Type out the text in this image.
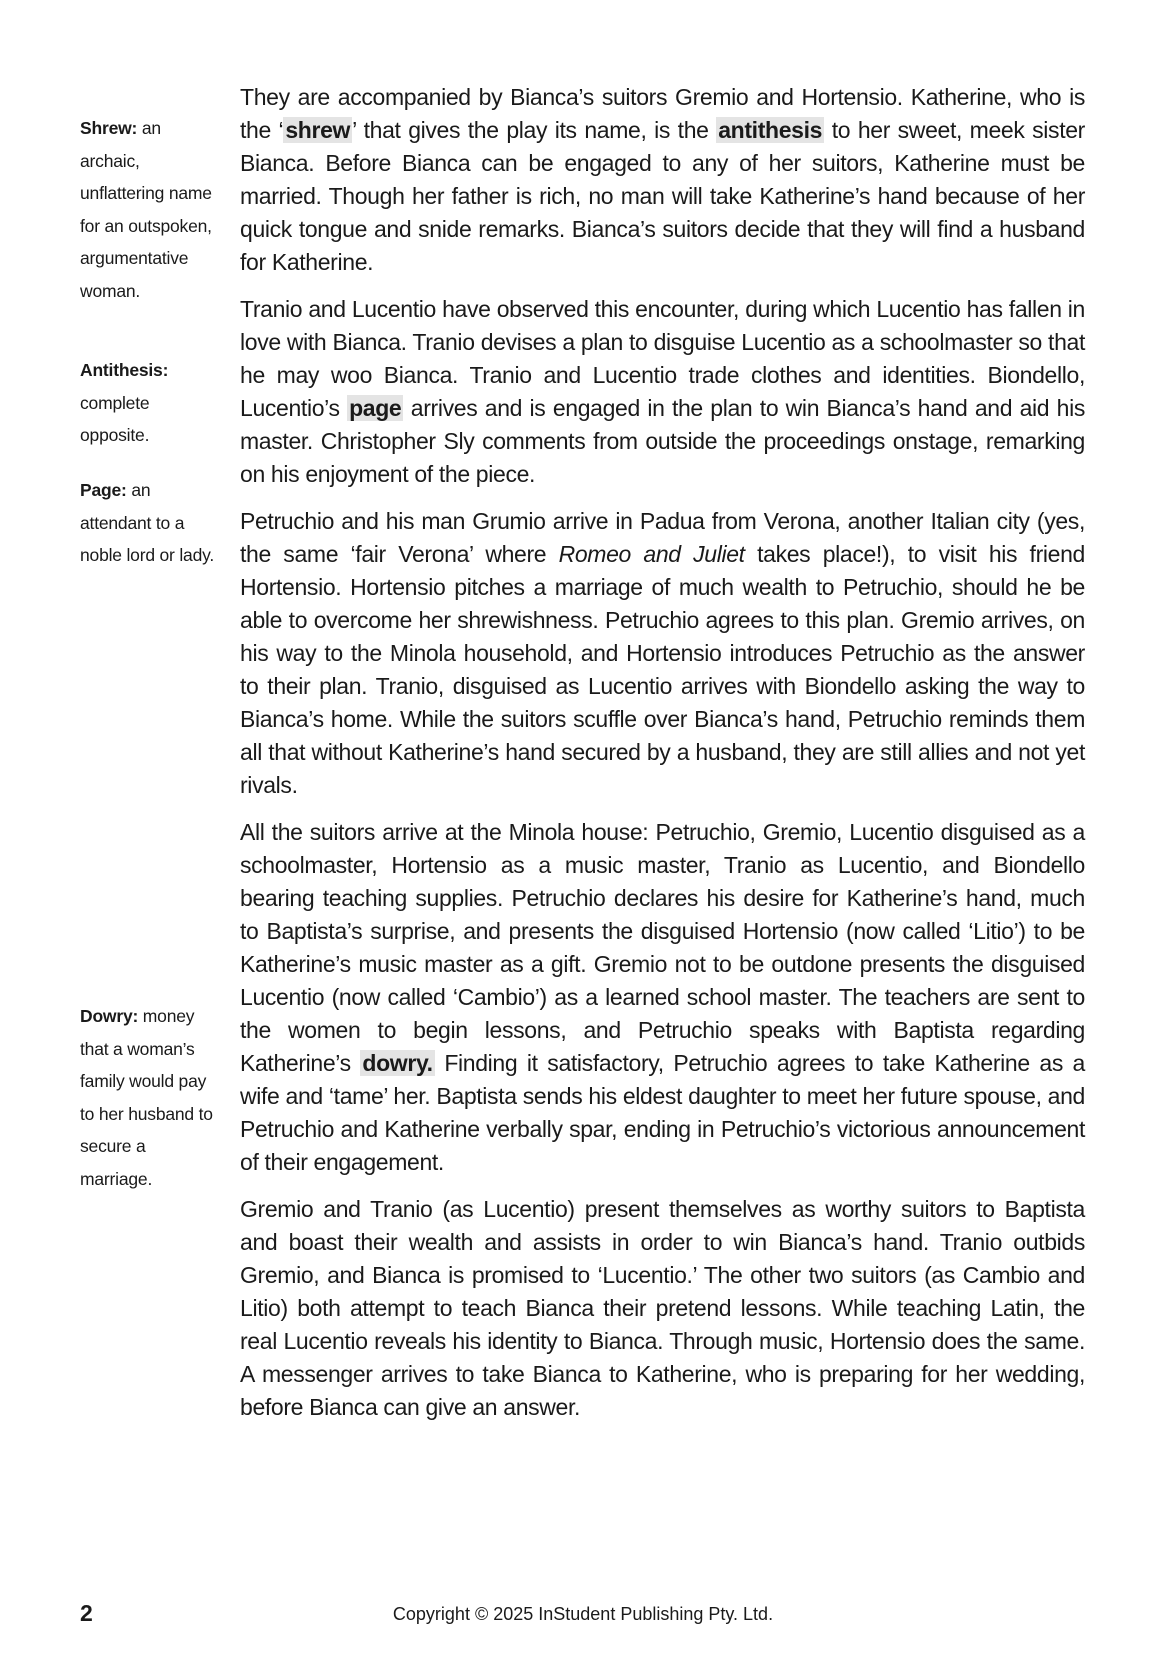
Shrew: an archaic, unflattering name for an outspoken, argumentative woman.
Antithesis: complete opposite.
Page: an attendant to a noble lord or lady.
Dowry: money that a woman’s family would pay to her husband to secure a marriage.

They are accompanied by Bianca’s suitors Gremio and Hortensio. Katherine, who is the ‘shrew’ that gives the play its name, is the antithesis to her sweet, meek sister Bianca. Before Bianca can be engaged to any of her suitors, Katherine must be married. Though her father is rich, no man will take Katherine’s hand because of her quick tongue and snide remarks. Bianca’s suitors decide that they will find a husband for Katherine.

Tranio and Lucentio have observed this encounter, during which Lucentio has fallen in love with Bianca. Tranio devises a plan to disguise Lucentio as a schoolmaster so that he may woo Bianca. Tranio and Lucentio trade clothes and identities. Biondello, Lucentio’s page arrives and is engaged in the plan to win Bianca’s hand and aid his master. Christopher Sly comments from outside the proceedings onstage, remarking on his enjoyment of the piece.

Petruchio and his man Grumio arrive in Padua from Verona, another Italian city (yes, the same ‘fair Verona’ where Romeo and Juliet takes place!), to visit his friend Hortensio. Hortensio pitches a marriage of much wealth to Petruchio, should he be able to overcome her shrewishness. Petruchio agrees to this plan. Gremio arrives, on his way to the Minola household, and Hortensio introduces Petruchio as the answer to their plan. Tranio, disguised as Lucentio arrives with Biondello asking the way to Bianca’s home. While the suitors scuffle over Bianca’s hand, Petruchio reminds them all that without Katherine’s hand secured by a husband, they are still allies and not yet rivals.

All the suitors arrive at the Minola house: Petruchio, Gremio, Lucentio disguised as a schoolmaster, Hortensio as a music master, Tranio as Lucentio, and Biondello bearing teaching supplies. Petruchio declares his desire for Katherine’s hand, much to Baptista’s surprise, and presents the disguised Hortensio (now called ‘Litio’) to be Katherine’s music master as a gift. Gremio not to be outdone presents the disguised Lucentio (now called ‘Cambio’) as a learned school master. The teachers are sent to the women to begin lessons, and Petruchio speaks with Baptista regarding Katherine’s dowry. Finding it satisfactory, Petruchio agrees to take Katherine as a wife and ‘tame’ her. Baptista sends his eldest daughter to meet her future spouse, and Petruchio and Katherine verbally spar, ending in Petruchio’s victorious announcement of their engagement.

Gremio and Tranio (as Lucentio) present themselves as worthy suitors to Baptista and boast their wealth and assists in order to win Bianca’s hand. Tranio outbids Gremio, and Bianca is promised to ‘Lucentio.’ The other two suitors (as Cambio and Litio) both attempt to teach Bianca their pretend lessons. While teaching Latin, the real Lucentio reveals his identity to Bianca. Through music, Hortensio does the same. A messenger arrives to take Bianca to Katherine, who is preparing for her wedding, before Bianca can give an answer.

2	Copyright © 2025 InStudent Publishing Pty. Ltd.
